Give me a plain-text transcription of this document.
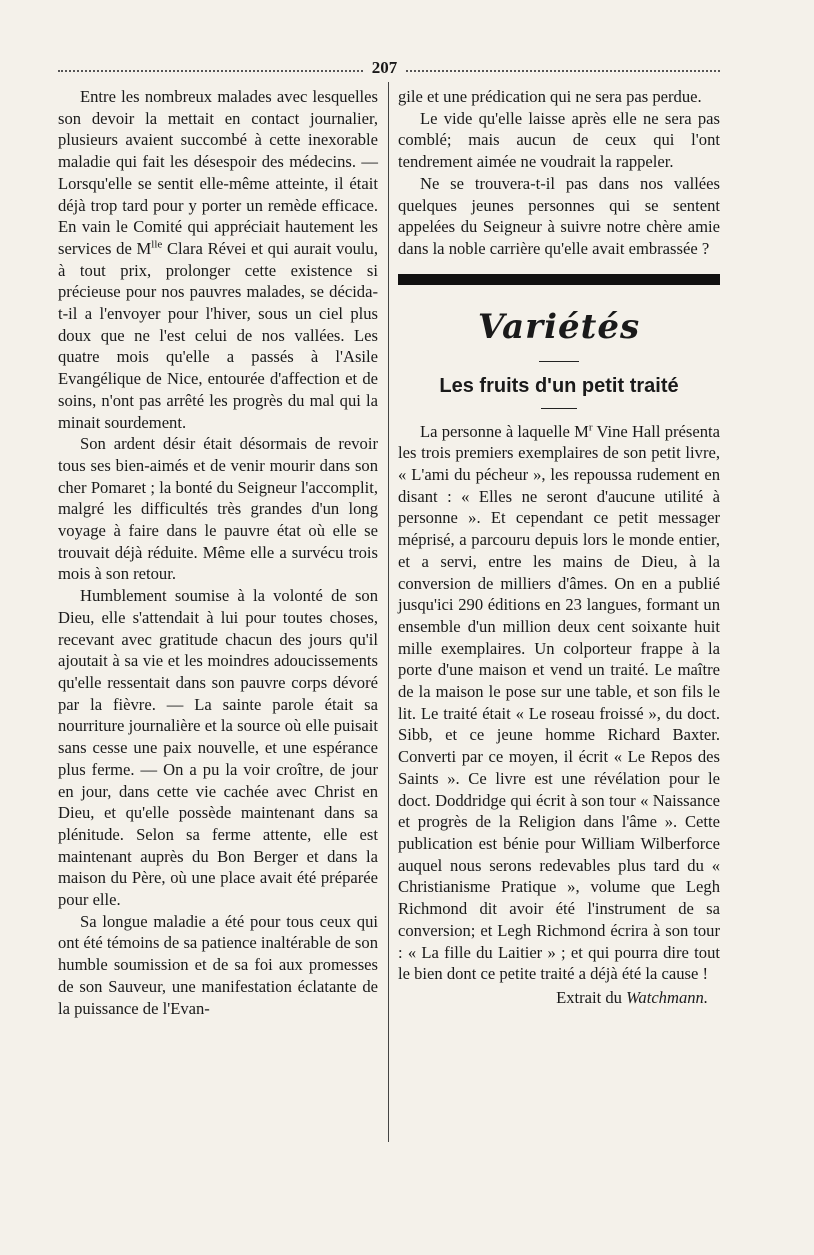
207

Entre les nombreux malades avec lesquelles son devoir la mettait en contact journalier, plusieurs avaient succombé à cette inexorable maladie qui fait les désespoir des médecins. — Lorsqu'elle se sentit elle-même atteinte, il était déjà trop tard pour y porter un remède efficace. En vain le Comité qui appréciait hautement les services de $M^{lle}$ Clara Révei et qui aurait voulu, à tout prix, prolonger cette existence si précieuse pour nos pauvres malades, se décida-t-il a l'envoyer pour l'hiver, sous un ciel plus doux que ne l'est celui de nos vallées. Les quatre mois qu'elle a passés à l'Asile Evangélique de Nice, entourée d'affection et de soins, n'ont pas arrêté les progrès du mal qui la minait sourdement.

Son ardent désir était désormais de revoir tous ses bien-aimés et de venir mourir dans son cher Pomaret ; la bonté du Seigneur l'accomplit, malgré les difficultés très grandes d'un long voyage à faire dans le pauvre état où elle se trouvait déjà réduite. Même elle a survécu trois mois à son retour.

Humblement soumise à la volonté de son Dieu, elle s'attendait à lui pour toutes choses, recevant avec gratitude chacun des jours qu'il ajoutait à sa vie et les moindres adoucissements qu'elle ressentait dans son pauvre corps dévoré par la fièvre. — La sainte parole était sa nourriture journalière et la source où elle puisait sans cesse une paix nouvelle, et une espérance plus ferme. — On a pu la voir croître, de jour en jour, dans cette vie cachée avec Christ en Dieu, et qu'elle possède maintenant dans sa plénitude. Selon sa ferme attente, elle est maintenant auprès du Bon Berger et dans la maison du Père, où une place avait été préparée pour elle.

Sa longue maladie a été pour tous ceux qui ont été témoins de sa patience inaltérable de son humble soumission et de sa foi aux promesses de son Sauveur, une manifestation éclatante de la puissance de l'Evan-

gile et une prédication qui ne sera pas perdue.

Le vide qu'elle laisse après elle ne sera pas comblé; mais aucun de ceux qui l'ont tendrement aimée ne voudrait la rappeler.

Ne se trouvera-t-il pas dans nos vallées quelques jeunes personnes qui se sentent appelées du Seigneur à suivre notre chère amie dans la noble carrière qu'elle avait embrassée ?

Variétés
Les fruits d'un petit traité

La personne à laquelle $M^r$ Vine Hall présenta les trois premiers exemplaires de son petit livre, « L'ami du pécheur », les repoussa rudement en disant : « Elles ne seront d'aucune utilité à personne ». Et cependant ce petit messager méprisé, a parcouru depuis lors le monde entier, et a servi, entre les mains de Dieu, à la conversion de milliers d'âmes. On en a publié jusqu'ici 290 éditions en 23 langues, formant un ensemble d'un million deux cent soixante huit mille exemplaires. Un colporteur frappe à la porte d'une maison et vend un traité. Le maître de la maison le pose sur une table, et son fils le lit. Le traité était « Le roseau froissé », du doct. Sibb, et ce jeune homme Richard Baxter. Converti par ce moyen, il écrit « Le Repos des Saints ». Ce livre est une révélation pour le doct. Doddridge qui écrit à son tour « Naissance et progrès de la Religion dans l'âme ». Cette publication est bénie pour William Wilberforce auquel nous serons redevables plus tard du « Christianisme Pratique », volume que Legh Richmond dit avoir été l'instrument de sa conversion; et Legh Richmond écrira à son tour : « La fille du Laitier » ; et qui pourra dire tout le bien dont ce petite traité a déjà été la cause !

Extrait du Watchmann.
